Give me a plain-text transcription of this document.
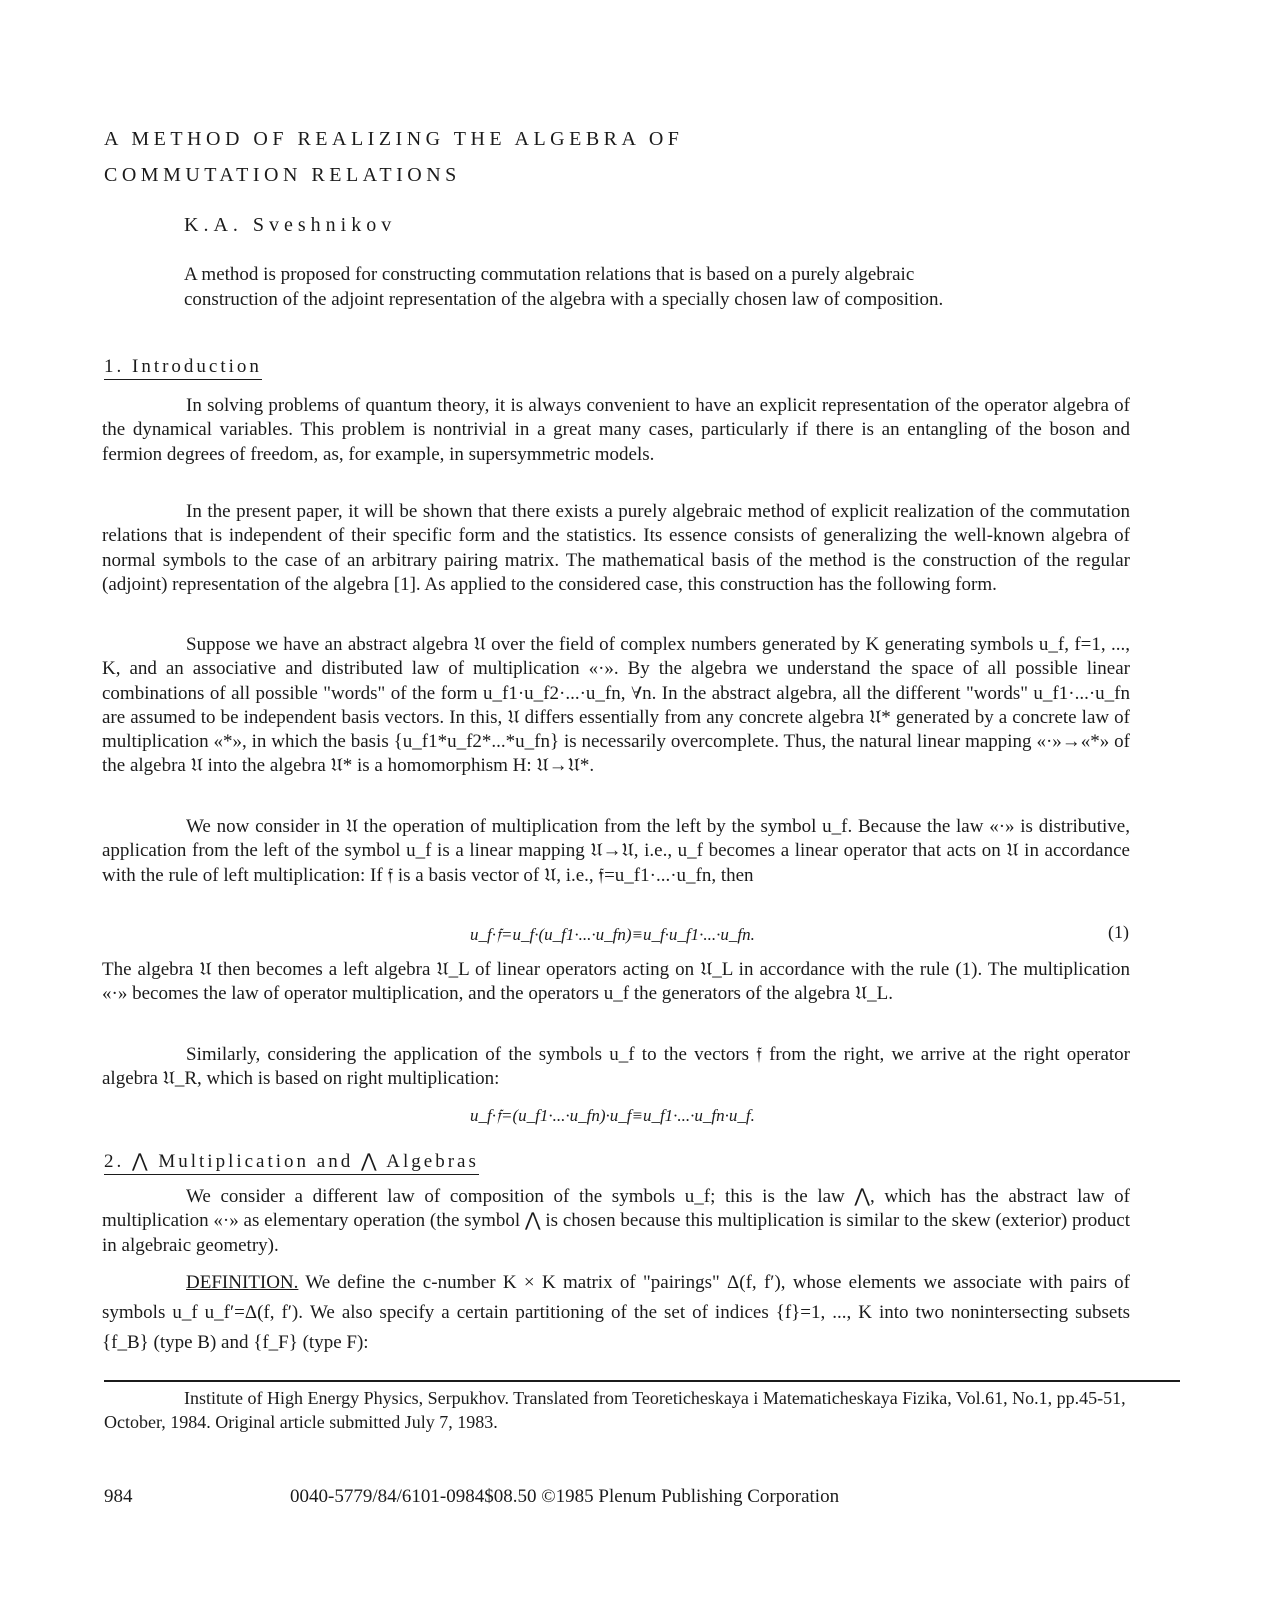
A METHOD OF REALIZING THE ALGEBRA OF
COMMUTATION RELATIONS
K.A. Sveshnikov
A method is proposed for constructing commutation relations that is based on a purely algebraic construction of the adjoint representation of the algebra with a specially chosen law of composition.
1. Introduction
In solving problems of quantum theory, it is always convenient to have an explicit representation of the operator algebra of the dynamical variables. This problem is nontrivial in a great many cases, particularly if there is an entangling of the boson and fermion degrees of freedom, as, for example, in supersymmetric models.
In the present paper, it will be shown that there exists a purely algebraic method of explicit realization of the commutation relations that is independent of their specific form and the statistics. Its essence consists of generalizing the well-known algebra of normal symbols to the case of an arbitrary pairing matrix. The mathematical basis of the method is the construction of the regular (adjoint) representation of the algebra [1]. As applied to the considered case, this construction has the following form.
Suppose we have an abstract algebra 𝔘 over the field of complex numbers generated by K generating symbols u_f, f=1, ..., K, and an associative and distributed law of multiplication «·». By the algebra we understand the space of all possible linear combinations of all possible "words" of the form u_f1·u_f2·...·u_fn, ∀n. In the abstract algebra, all the different "words" u_f1·...·u_fn are assumed to be independent basis vectors. In this, 𝔘 differs essentially from any concrete algebra 𝔘* generated by a concrete law of multiplication «*», in which the basis {u_f1*u_f2*...*u_fn} is necessarily overcomplete. Thus, the natural linear mapping «·»→«*» of the algebra 𝔘 into the algebra 𝔘* is a homomorphism H: 𝔘→𝔘*.
We now consider in 𝔘 the operation of multiplication from the left by the symbol u_f. Because the law «·» is distributive, application from the left of the symbol u_f is a linear mapping 𝔘→𝔘, i.e., u_f becomes a linear operator that acts on 𝔘 in accordance with the rule of left multiplication: If 𝔣 is a basis vector of 𝔘, i.e., 𝔣=u_f1·...·u_fn, then
u_f·𝔣=u_f·(u_f1·...·u_fn)≡u_f·u_f1·...·u_fn.	(1)
The algebra 𝔘 then becomes a left algebra 𝔘_L of linear operators acting on 𝔘_L in accordance with the rule (1). The multiplication «·» becomes the law of operator multiplication, and the operators u_f the generators of the algebra 𝔘_L.
Similarly, considering the application of the symbols u_f to the vectors 𝔣 from the right, we arrive at the right operator algebra 𝔘_R, which is based on right multiplication:
u_f·𝔣=(u_f1·...·u_fn)·u_f≡u_f1·...·u_fn·u_f.
2. ⋀ Multiplication and ⋀ Algebras
We consider a different law of composition of the symbols u_f; this is the law ⋀, which has the abstract law of multiplication «·» as elementary operation (the symbol ⋀ is chosen because this multiplication is similar to the skew (exterior) product in algebraic geometry).
DEFINITION. We define the c-number K × K matrix of "pairings" Δ(f, f′), whose elements we associate with pairs of symbols u_f u_f′=Δ(f, f′). We also specify a certain partitioning of the set of indices {f}=1, ..., K into two nonintersecting subsets {f_B} (type B) and {f_F} (type F):
Institute of High Energy Physics, Serpukhov. Translated from Teoreticheskaya i Matematicheskaya Fizika, Vol.61, No.1, pp.45-51, October, 1984. Original article submitted July 7, 1983.
984	0040-5779/84/6101-0984$08.50 ©1985 Plenum Publishing Corporation
